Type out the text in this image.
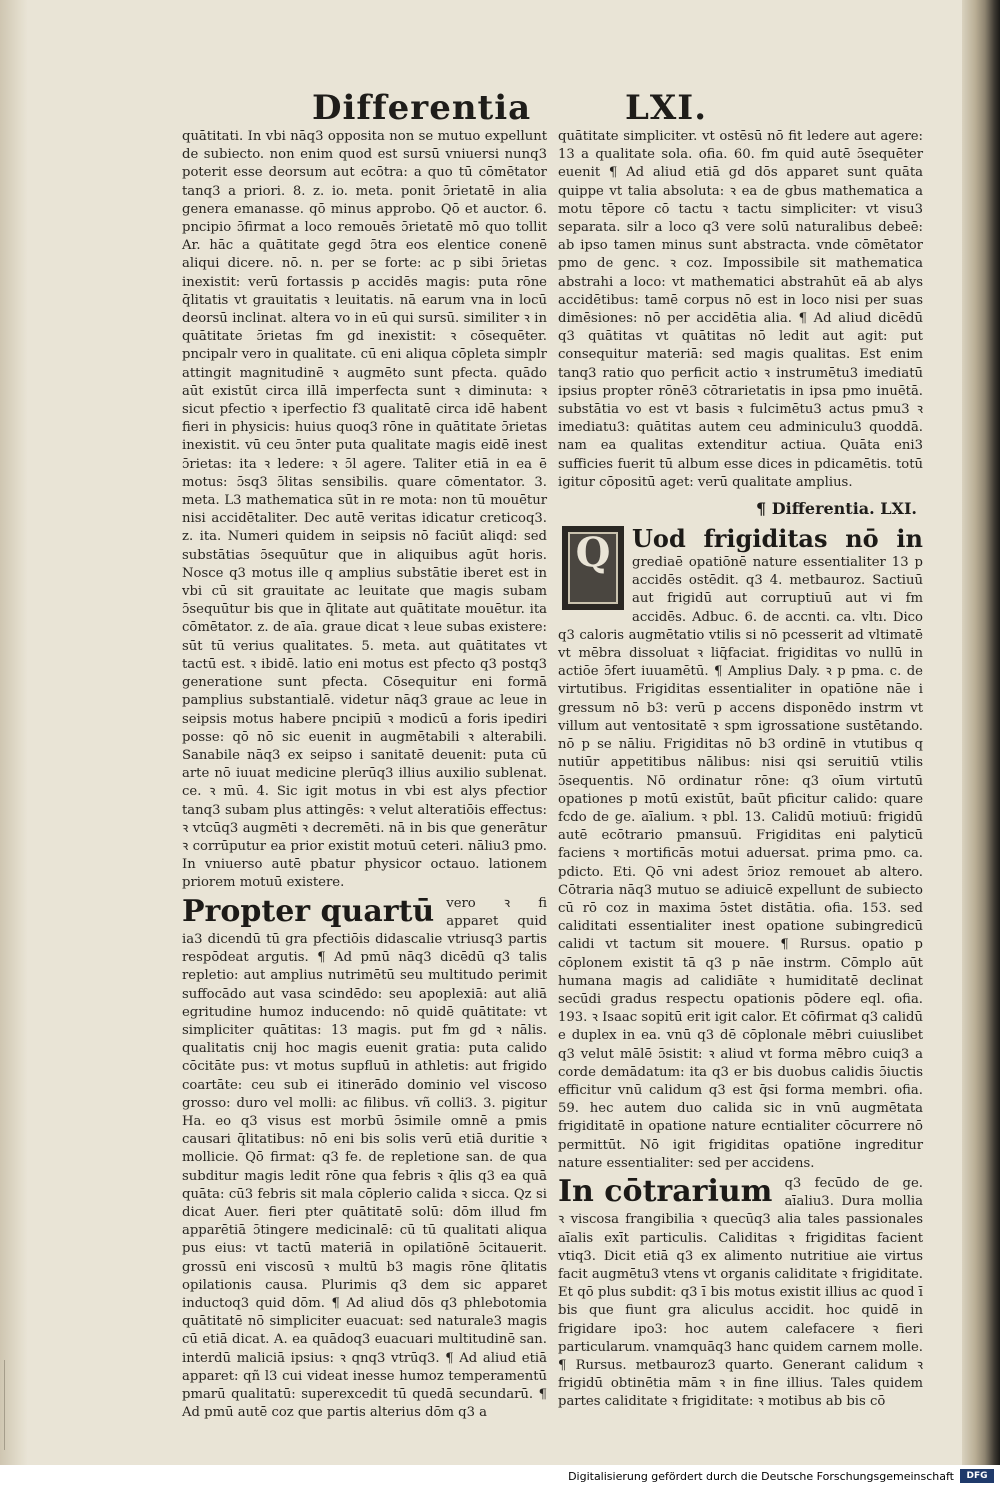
Differentia	LXI.

quātitati. In vbi nāq3 opposita non se mutuo expellunt de subiecto. non enim quod est sursū vniuersi nunq3 poterit esse deorsum aut ecōtra: a quo tū cōmētator tanq3 a priori. 8. z. io. meta. ponit ɔ̄rietatē in alia genera emanasse. qō minus approbo. Qō et auctor. 6. pncipio ɔ̄firmat a loco remouēs ɔ̄rietatē mō quo tollit Ar. hāc a quātitate gegd ɔ̄tra eos elentice conenē aliqui dicere. nō. n. per se forte: ac p sibi ɔ̄rietas inexistit: verū fortassis p accidēs magis: puta rōne q̄litatis vt grauitatis ꝛ leuitatis. nā earum vna in locū deorsū inclinat. altera vo in eū qui sursū. similiter ꝛ in quātitate ɔ̄rietas fm gd inexistit: ꝛ cōsequēter. pncipalr vero in qualitate. cū eni aliqua cōpleta simplr attingit magnitudinē ꝛ augmēto sunt pfecta. quādo aūt existūt circa illā imperfecta sunt ꝛ diminuta: ꝛ sicut pfectio ꝛ iperfectio f3 qualitatē circa idē habent fieri in physicis: huius quoq3 rōne in quātitate ɔ̄rietas inexistit. vū ceu ɔ̄nter puta qualitate magis eidē inest ɔ̄rietas: ita ꝛ ledere: ꝛ ɔ̄l agere. Taliter etiā in ea ē motus: ɔ̄sq3 ɔ̄litas sensibilis. quare cōmentator. 3. meta. L3 mathematica sūt in re mota: non tū mouētur nisi accidētaliter. Dec autē veritas idicatur creticoq3. z. ita. Numeri quidem in seipsis nō faciūt aliqd: sed substātias ɔ̄sequūtur que in aliquibus agūt horis. Nosce q3 motus ille q amplius substātie iberet est in vbi cū sit grauitate ac leuitate que magis subam ɔ̄sequūtur bis que in q̄litate aut quātitate mouētur. ita cōmētator. z. de aīa. graue dicat ꝛ leue subas existere: sūt tū verius qualitates. 5. meta. aut quātitates vt tactū est. ꝛ ibidē. latio eni motus est pfecto q3 postq3 generatione sunt pfecta. Cōsequitur eni formā pamplius substantialē. videtur nāq3 graue ac leue in seipsis motus habere pncipiū ꝛ modicū a foris ipediri posse: qō nō sic euenit in augmētabili ꝛ alterabili. Sanabile nāq3 ex seipso i sanitatē deuenit: puta cū arte nō iuuat medicine plerūq3 illius auxilio sublenat. ce. ꝛ mū. 4. Sic igit motus in vbi est alys pfectior tanq3 subam plus attingēs: ꝛ velut alteratiōis effectus: ꝛ vtcūq3 augmēti ꝛ decremēti. nā in bis que generātur ꝛ corrūputur ea prior existit motuū ceteri. nāliu3 pmo. In vniuerso autē pbatur physicor octauo. lationem priorem motuū existere.

Propter quartū vero ꝛ fi apparet quid ia3 dicendū tū gra pfectiōis didascalie vtriusq3 partis respōdeat argutis. ¶ Ad pmū nāq3 dicēdū q3 talis repletio: aut amplius nutrimētū seu multitudo perimit suffocādo aut vasa scindēdo: seu apoplexiā: aut aliā egritudine humoz inducendo: nō quidē quātitate: vt simpliciter quātitas: 13 magis. put fm gd ꝛ nālis. qualitatis cnij hoc magis euenit gratia: puta calido cōcitāte pus: vt motus supfluū in athletis: aut frigido coartāte: ceu sub ei itinerādo dominio vel viscoso grosso: duro vel molli: ac filibus. vñ colli3. 3. pigitur Ha. eo q3 visus est morbū ɔ̄simile omnē a pmis causari q̄litatibus: nō eni bis solis verū etiā duritie ꝛ mollicie. Qō firmat: q3 fe. de repletione san. de qua subditur magis ledit rōne qua febris ꝛ q̄lis q3 ea quā quāta: cū3 febris sit mala cōplerio calida ꝛ sicca. Qz si dicat Auer. fieri pter quātitatē solū: dōm illud fm apparētiā ɔ̄tingere medicinalē: cū tū qualitati aliqua pus eius: vt tactū materiā in opilatiōnē ɔ̄citauerit. grossū eni viscosū ꝛ multū b3 magis rōne q̄litatis opilationis causa. Plurimis q3 dem sic apparet inductoq3 quid dōm. ¶ Ad aliud dōs q3 phlebotomia quātitatē nō simpliciter euacuat: sed naturale3 magis cū etiā dicat. A. ea quādoq3 euacuari multitudinē san. interdū maliciā ipsius: ꝛ qnq3 vtrūq3. ¶ Ad aliud etiā apparet: qñ l3 cui videat inesse humoz temperamentū pmarū qualitatū: superexcedit tū quedā secundarū. ¶ Ad pmū autē coz que partis alterius dōm q3 a

quātitate simpliciter. vt ostēsū nō fit ledere aut agere: 13 a qualitate sola. ofia. 60. fm quid autē ɔ̄sequēter euenit ¶ Ad aliud etiā gd dōs apparet sunt quāta quippe vt talia absoluta: ꝛ ea de gbus mathematica a motu tēpore cō tactu ꝛ tactu simpliciter: vt visu3 separata. silr a loco q3 vere solū naturalibus debeē: ab ipso tamen minus sunt abstracta. vnde cōmētator pmo de genc. ꝛ coz. Impossibile sit mathematica abstrahi a loco: vt mathematici abstrahūt eā ab alys accidētibus: tamē corpus nō est in loco nisi per suas dimēsiones: nō per accidētia alia. ¶ Ad aliud dicēdū q3 quātitas vt quātitas nō ledit aut agit: put consequitur materiā: sed magis qualitas. Est enim tanq3 ratio quo perficit actio ꝛ instrumētu3 imediatū ipsius propter rōnē3 cōtrarietatis in ipsa pmo inuētā. substātia vo est vt basis ꝛ fulcimētu3 actus pmu3 ꝛ imediatu3: quātitas autem ceu adminiculu3 quoddā. nam ea qualitas extenditur actiua. Quāta eni3 sufficies fuerit tū album esse dices in pdicamētis. totū igitur cōpositū aget: verū qualitate amplius.

¶ Differentia. LXI.

Q Uod frigiditas nō in grediaē opatiōnē nature essentialiter 13 p accidēs ostēdit. q3 4. metbauroz. Sactiuū aut frigidū aut corruptiuū aut vi fm accidēs. Adbuc. 6. de accnti. ca. vltı. Dico q3 caloris augmētatio vtilis si nō pcesserit ad vltimatē vt mēbra dissoluat ꝛ liq̄faciat. frigiditas vo nullū in actiōe ɔ̄fert iuuamētū. ¶ Amplius Daly. ꝛ p pma. c. de virtutibus. Frigiditas essentialiter in opatiōne nāe i gressum nō b3: verū p accens disponēdo instrm vt villum aut ventositatē ꝛ spm igrossatione sustētando. nō p se nāliu. Frigiditas nō b3 ordinē in vtutibus q nutiūr appetitibus nālibus: nisi qsi seruitiū vtilis ɔ̄sequentis. Nō ordinatur rōne: q3 oīum virtutū opationes p motū existūt, baūt pficitur calido: quare fcdo de ge. aīalium. ꝛ pbl. 13. Calidū motiuū: frigidū autē ecōtrario pmansuū. Frigiditas eni palyticū faciens ꝛ mortificās motui aduersat. prima pmo. ca. pdicto. Eti. Qō vni adest ɔ̄rioz remouet ab altero. Cōtraria nāq3 mutuo se adiuicē expellunt de subiecto cū rō coz in maxima ɔ̄stet distātia. ofia. 153. sed caliditati essentialiter inest opatione subingredicū calidi vt tactum sit mouere. ¶ Rursus. opatio p cōplonem existit tā q3 p nāe instrm. Cōmplo aūt humana magis ad calidiāte ꝛ humiditatē declinat secūdi gradus respectu opationis pōdere eql. ofia. 193. ꝛ Isaac sopitū erit igit calor. Et cōfirmat q3 calidū e duplex in ea. vnū q3 dē cōplonale mēbri cuiuslibet q3 velut mālē ɔ̄sistit: ꝛ aliud vt forma mēbro cuiq3 a corde demādatum: ita q3 er bis duobus calidis ɔ̄iuctis efficitur vnū calidum q3 est q̄si forma membri. ofia. 59. hec autem duo calida sic in vnū augmētata frigiditatē in opatione nature ecntialiter cōcurrere nō permittūt. Nō igit frigiditas opatiōne ingreditur nature essentialiter: sed per accidens.

In cōtrarium q3 fecūdo de ge. aīaliu3. Dura mollia ꝛ viscosa frangibilia ꝛ quecūq3 alia tales passionales aīalis exīt particulis. Caliditas ꝛ frigiditas facient vtiq3. Dicit etiā q3 ex alimento nutritiue aie virtus facit augmētu3 vtens vt organis caliditate ꝛ frigiditate. Et qō plus subdit: q3 ī bis motus existit illius ac quod ī bis que fiunt gra aliculus accidit. hoc quidē in frigidare ipo3: hoc autem calefacere ꝛ fieri particularum. vnamquāq3 hanc quidem carnem molle. ¶ Rursus. metbauroz3 quarto. Generant calidum ꝛ frigidū obtinētia mām ꝛ in fine illius. Tales quidem partes caliditate ꝛ frigiditate: ꝛ motibus ab bis cō

Digitalisierung gefördert durch die Deutsche Forschungsgemeinschaft	DFG
